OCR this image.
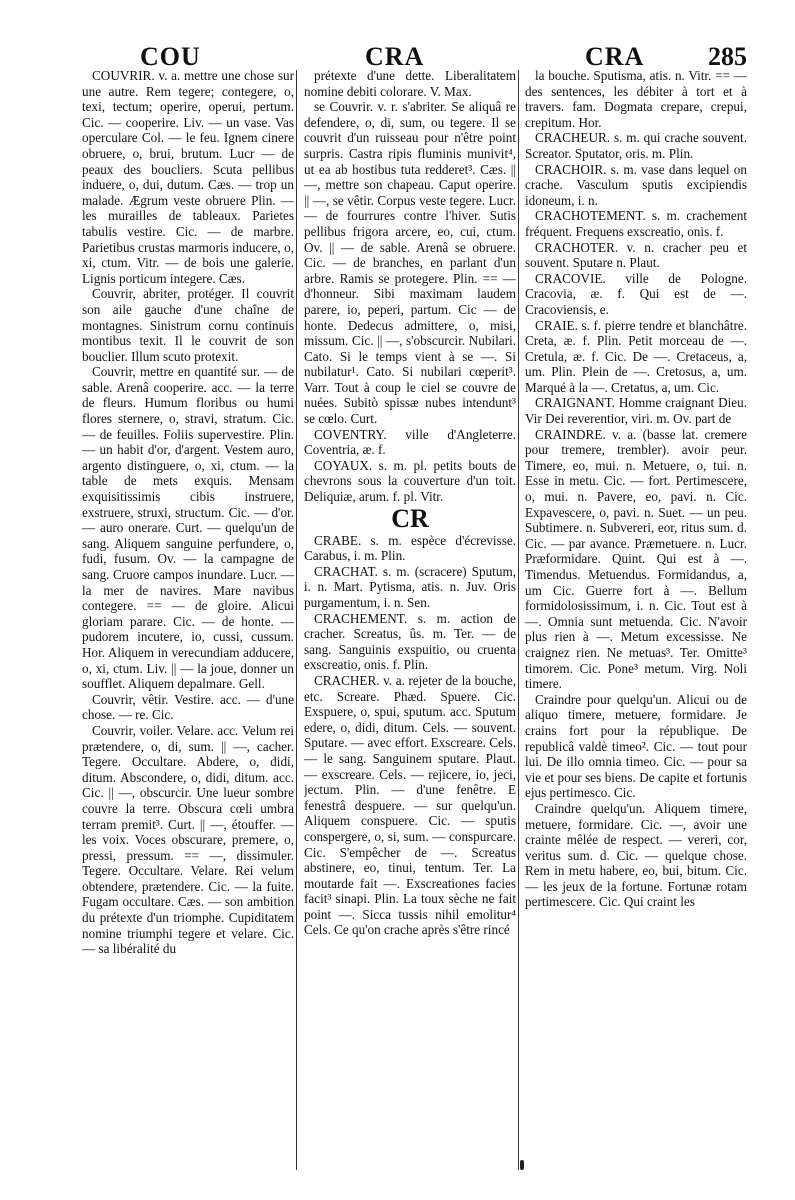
COU	CRA	CRA 285

COUVRIR. v. a. mettre une chose sur une autre. Rem tegere; contegere, o, texi, tectum; operire, operui, pertum. Cic. — cooperire. Liv. — un vase. Vas operculare Col. — le feu. Ignem cinere obruere, o, brui, brutum. Lucr — de peaux des boucliers. Scuta pellibus induere, o, dui, dutum. Cæs. — trop un malade. Ægrum veste obruere Plin. — les murailles de tableaux. Parietes tabulis vestire. Cic. — de marbre. Parietibus crustas marmoris inducere, o, xi, ctum. Vitr. — de bois une galerie. Lignis porticum integere. Cæs.

Couvrir, abriter, protéger. Il couvrit son aile gauche d'une chaîne de montagnes. Sinistrum cornu continuis montibus texit. Il le couvrit de son bouclier. Illum scuto protexit.

Couvrir, mettre en quantité sur. — de sable. Arenâ cooperire. acc. — la terre de fleurs. Humum floribus ou humi flores sternere, o, stravi, stratum. Cic. — de feuilles. Foliis supervestire. Plin. — un habit d'or, d'argent. Vestem auro, argento distinguere, o, xi, ctum. — la table de mets exquis. Mensam exquisitissimis cibis instruere, exstruere, struxi, structum. Cic. — d'or. — auro onerare. Curt. — quelqu'un de sang. Aliquem sanguine perfundere, o, fudi, fusum. Ov. — la campagne de sang. Cruore campos inundare. Lucr. — la mer de navires. Mare navibus contegere. == — de gloire. Alicui gloriam parare. Cic. — de honte. — pudorem incutere, io, cussi, cussum. Hor. Aliquem in verecundiam adducere, o, xi, ctum. Liv. || — la joue, donner un soufflet. Aliquem depalmare. Gell.

Couvrir, vêtir. Vestire. acc. — d'une chose. — re. Cic.

Couvrir, voiler. Velare. acc. Velum rei prætendere, o, di, sum. || —, cacher. Tegere. Occultare. Abdere, o, didi, ditum. Abscondere, o, didi, ditum. acc. Cic. || —, obscurcir. Une lueur sombre couvre la terre. Obscura cœli umbra terram premit³. Curt. || —, étouffer. — les voix. Voces obscurare, premere, o, pressi, pressum. == —, dissimuler. Tegere. Occultare. Velare. Rei velum obtendere, prætendere. Cic. — la fuite. Fugam occultare. Cæs. — son ambition du prétexte d'un triomphe. Cupiditatem nomine triumphi tegere et velare. Cic. — sa libéralité du

prétexte d'une dette. Liberalitatem nomine debiti colorare. V. Max.

se Couvrir. v. r. s'abriter. Se aliquâ re defendere, o, di, sum, ou tegere. Il se couvrit d'un ruisseau pour n'être point surpris. Castra ripis fluminis munivit⁴, ut ea ab hostibus tuta redderet³. Cæs. || —, mettre son chapeau. Caput operire. || —, se vêtir. Corpus veste tegere. Lucr. — de fourrures contre l'hiver. Sutis pellibus frigora arcere, eo, cui, ctum. Ov. || — de sable. Arenâ se obruere. Cic. — de branches, en parlant d'un arbre. Ramis se protegere. Plin. == — d'honneur. Sibi maximam laudem parere, io, peperi, partum. Cic — de honte. Dedecus admittere, o, misi, missum. Cic. || —, s'obscurcir. Nubilari. Cato. Si le temps vient à se —. Si nubilatur¹. Cato. Si nubilari cœperit³. Varr. Tout à coup le ciel se couvre de nuées. Subitò spissæ nubes intendunt³ se cœlo. Curt.

COVENTRY. ville d'Angleterre. Coventria, æ. f.

COYAUX. s. m. pl. petits bouts de chevrons sous la couverture d'un toit. Deliquiæ, arum. f. pl. Vitr.

CR

CRABE. s. m. espèce d'écrevisse. Carabus, i. m. Plin.

CRACHAT. s. m. (scracere) Sputum, i. n. Mart. Pytisma, atis. n. Juv. Oris purgamentum, i. n. Sen.

CRACHEMENT. s. m. action de cracher. Screatus, ûs. m. Ter. — de sang. Sanguinis exspuitio, ou cruenta exscreatio, onis. f. Plin.

CRACHER. v. a. rejeter de la bouche, etc. Screare. Phæd. Spuere. Cic. Exspuere, o, spui, sputum. acc. Sputum edere, o, didi, ditum. Cels. — souvent. Sputare. — avec effort. Exscreare. Cels. — le sang. Sanguinem sputare. Plaut. — exscreare. Cels. — rejicere, io, jeci, jectum. Plin. — d'une fenêtre. E fenestrâ despuere. — sur quelqu'un. Aliquem conspuere. Cic. — sputis conspergere, o, si, sum. — conspurcare. Cic. S'empêcher de —. Screatus abstinere, eo, tinui, tentum. Ter. La moutarde fait —. Exscreationes facies facit³ sinapi. Plin. La toux sèche ne fait point —. Sicca tussis nihil emolitur⁴ Cels. Ce qu'on crache après s'être rincé

la bouche. Sputisma, atis. n. Vitr. == — des sentences, les débiter à tort et à travers. fam. Dogmata crepare, crepui, crepitum. Hor.

CRACHEUR. s. m. qui crache souvent. Screator. Sputator, oris. m. Plin.

CRACHOIR. s. m. vase dans lequel on crache. Vasculum sputis excipiendis idoneum, i. n.

CRACHOTEMENT. s. m. crachement fréquent. Frequens exscreatio, onis. f.

CRACHOTER. v. n. cracher peu et souvent. Sputare n. Plaut.

CRACOVIE. ville de Pologne. Cracovia, æ. f. Qui est de —. Cracoviensis, e.

CRAIE. s. f. pierre tendre et blanchâtre. Creta, æ. f. Plin. Petit morceau de —. Cretula, æ. f. Cic. De —. Cretaceus, a, um. Plin. Plein de —. Cretosus, a, um. Marqué à la —. Cretatus, a, um. Cic.

CRAIGNANT. Homme craignant Dieu. Vir Dei reverentior, viri. m. Ov. part de

CRAINDRE. v. a. (basse lat. cremere pour tremere, trembler). avoir peur. Timere, eo, mui. n. Metuere, o, tui. n. Esse in metu. Cic. — fort. Pertimescere, o, mui. n. Pavere, eo, pavi. n. Cic. Expavescere, o, pavi. n. Suet. — un peu. Subtimere. n. Subvereri, eor, ritus sum. d. Cic. — par avance. Præmetuere. n. Lucr. Præformidare. Quint. Qui est à —. Timendus. Metuendus. Formidandus, a, um Cic. Guerre fort à —. Bellum formidolosissimum, i. n. Cic. Tout est à —. Omnia sunt metuenda. Cic. N'avoir plus rien à —. Metum excessisse. Ne craignez rien. Ne metuas³. Ter. Omitte³ timorem. Cic. Pone³ metum. Virg. Noli timere.

Craindre pour quelqu'un. Alicui ou de aliquo timere, metuere, formidare. Je crains fort pour la république. De republicâ valdè timeo². Cic. — tout pour lui. De illo omnia timeo. Cic. — pour sa vie et pour ses biens. De capite et fortunis ejus pertimesco. Cic.

Craindre quelqu'un. Aliquem timere, metuere, formidare. Cic. —, avoir une crainte mêlée de respect. — vereri, cor, veritus sum. d. Cic. — quelque chose. Rem in metu habere, eo, bui, bitum. Cic. — les jeux de la fortune. Fortunæ rotam pertimescere. Cic. Qui craint les
